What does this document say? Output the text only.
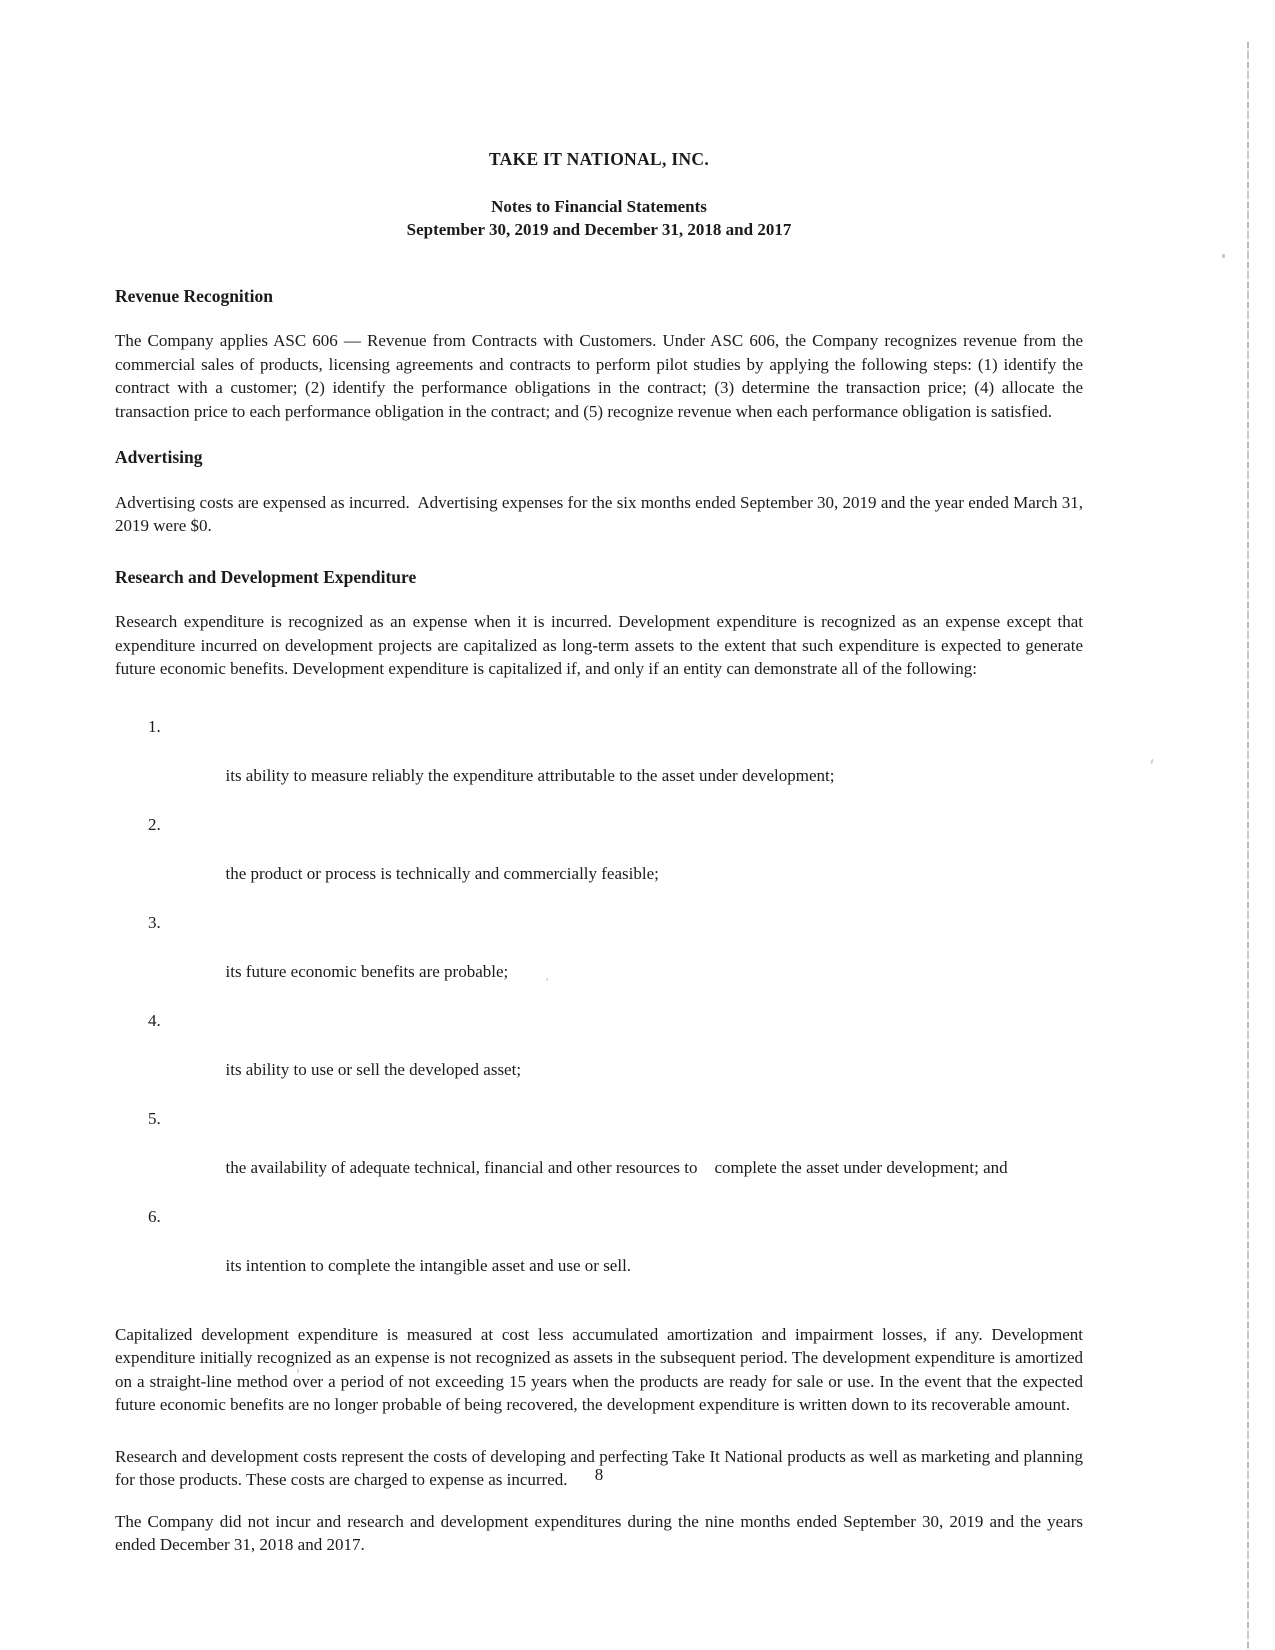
TAKE IT NATIONAL, INC.
Notes to Financial Statements
September 30, 2019 and December 31, 2018 and 2017
Revenue Recognition

The Company applies ASC 606 — Revenue from Contracts with Customers. Under ASC 606, the Company recognizes revenue from the commercial sales of products, licensing agreements and contracts to perform pilot studies by applying the following steps: (1) identify the contract with a customer; (2) identify the performance obligations in the contract; (3) determine the transaction price; (4) allocate the transaction price to each performance obligation in the contract; and (5) recognize revenue when each performance obligation is satisfied.

Advertising

Advertising costs are expensed as incurred.  Advertising expenses for the six months ended September 30, 2019 and the year ended March 31, 2019 were $0.

Research and Development Expenditure

Research expenditure is recognized as an expense when it is incurred. Development expenditure is recognized as an expense except that expenditure incurred on development projects are capitalized as long-term assets to the extent that such expenditure is expected to generate future economic benefits. Development expenditure is capitalized if, and only if an entity can demonstrate all of the following:

1.

its ability to measure reliably the expenditure attributable to the asset under development;

2.

the product or process is technically and commercially feasible;

3.

its future economic benefits are probable;

4.

its ability to use or sell the developed asset;

5.

the availability of adequate technical, financial and other resources to    complete the asset under development; and

6.

its intention to complete the intangible asset and use or sell.

Capitalized development expenditure is measured at cost less accumulated amortization and impairment losses, if any. Development expenditure initially recognized as an expense is not recognized as assets in the subsequent period. The development expenditure is amortized on a straight-line method over a period of not exceeding 15 years when the products are ready for sale or use. In the event that the expected future economic benefits are no longer probable of being recovered, the development expenditure is written down to its recoverable amount.

Research and development costs represent the costs of developing and perfecting Take It National products as well as marketing and planning for those products. These costs are charged to expense as incurred.

The Company did not incur and research and development expenditures during the nine months ended September 30, 2019 and the years ended December 31, 2018 and 2017.

8
